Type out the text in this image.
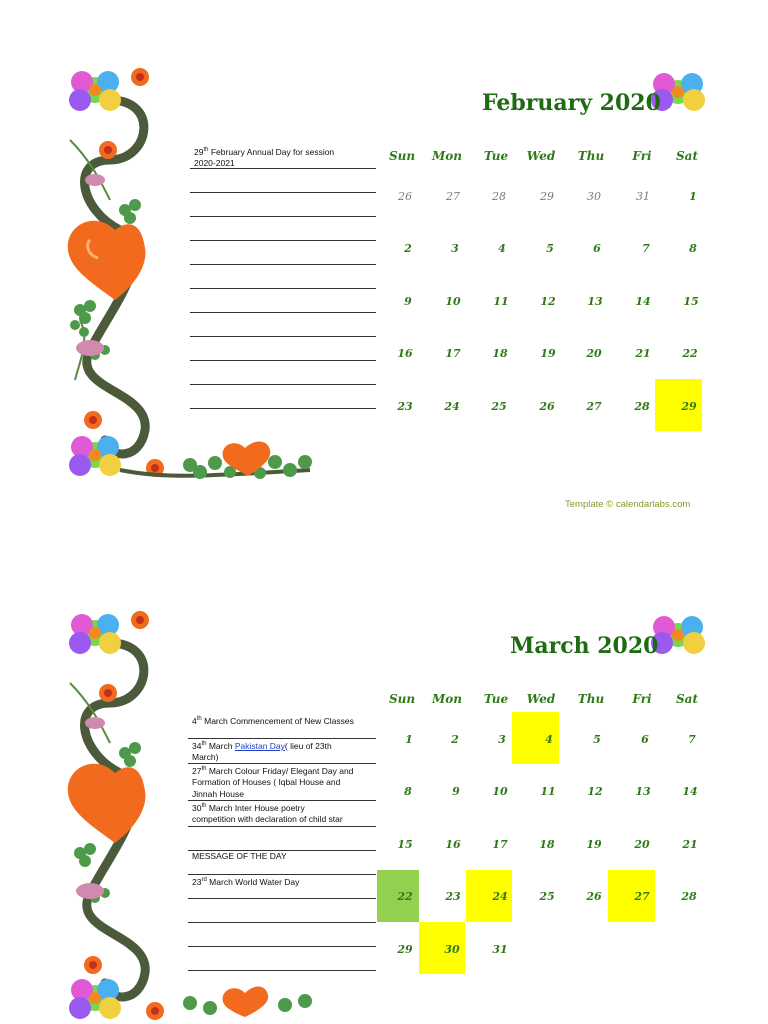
February 2020
29th February Annual Day for session
2020-2021
Sun	Mon	Tue	Wed	Thu	Fri	Sat
26	27	28	29	30	31	1
2	3	4	5	6	7	8
9	10	11	12	13	14	15
16	17	18	19	20	21	22
23	24	25	26	27	28	29
Template © calendarlabs.com
March 2020
4th March Commencement of New Classes
34th March Pakistan Day( lieu of 23th
March)
27th March Colour Friday/ Elegant Day and
Formation of Houses ( Iqbal House and
Jinnah House
30th March Inter House poetry
competition with declaration of child star
MESSAGE OF THE DAY
23rd March World Water Day
Sun	Mon	Tue	Wed	Thu	Fri	Sat
1	2	3	4	5	6	7
8	9	10	11	12	13	14
15	16	17	18	19	20	21
22	23	24	25	26	27	28
29	30	31
